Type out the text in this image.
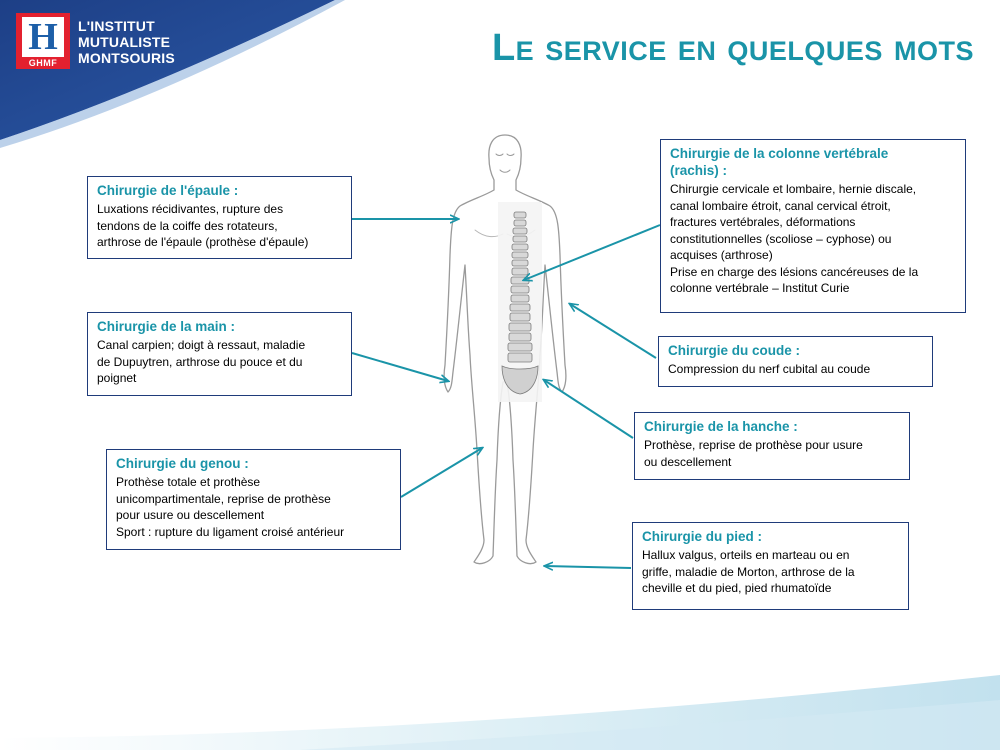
H
GHMF
L'INSTITUT
MUTUALISTE
MONTSOURIS	Le service en quelques mots
Chirurgie de l'épaule :
Luxations récidivantes, rupture des
tendons de la coiffe des rotateurs,
arthrose de l'épaule (prothèse d'épaule)
Chirurgie de la main :
Canal carpien; doigt à ressaut, maladie
de Dupuytren, arthrose du pouce et du
poignet
Chirurgie du genou :
Prothèse totale et prothèse
unicompartimentale, reprise de prothèse
pour usure ou descellement
Sport : rupture du ligament croisé antérieur
Chirurgie de la colonne vertébrale
(rachis) :
Chirurgie cervicale et lombaire, hernie discale,
canal lombaire étroit, canal cervical étroit,
fractures vertébrales, déformations
constitutionnelles (scoliose – cyphose) ou
acquises (arthrose)
Prise en charge des lésions cancéreuses de la
colonne vertébrale – Institut Curie
Chirurgie du coude :
Compression du nerf cubital au coude
Chirurgie de la hanche :
Prothèse, reprise de prothèse pour usure
ou descellement
Chirurgie du pied :
Hallux valgus, orteils en marteau ou en
griffe, maladie de Morton, arthrose de la
cheville et du pied, pied rhumatoïde
